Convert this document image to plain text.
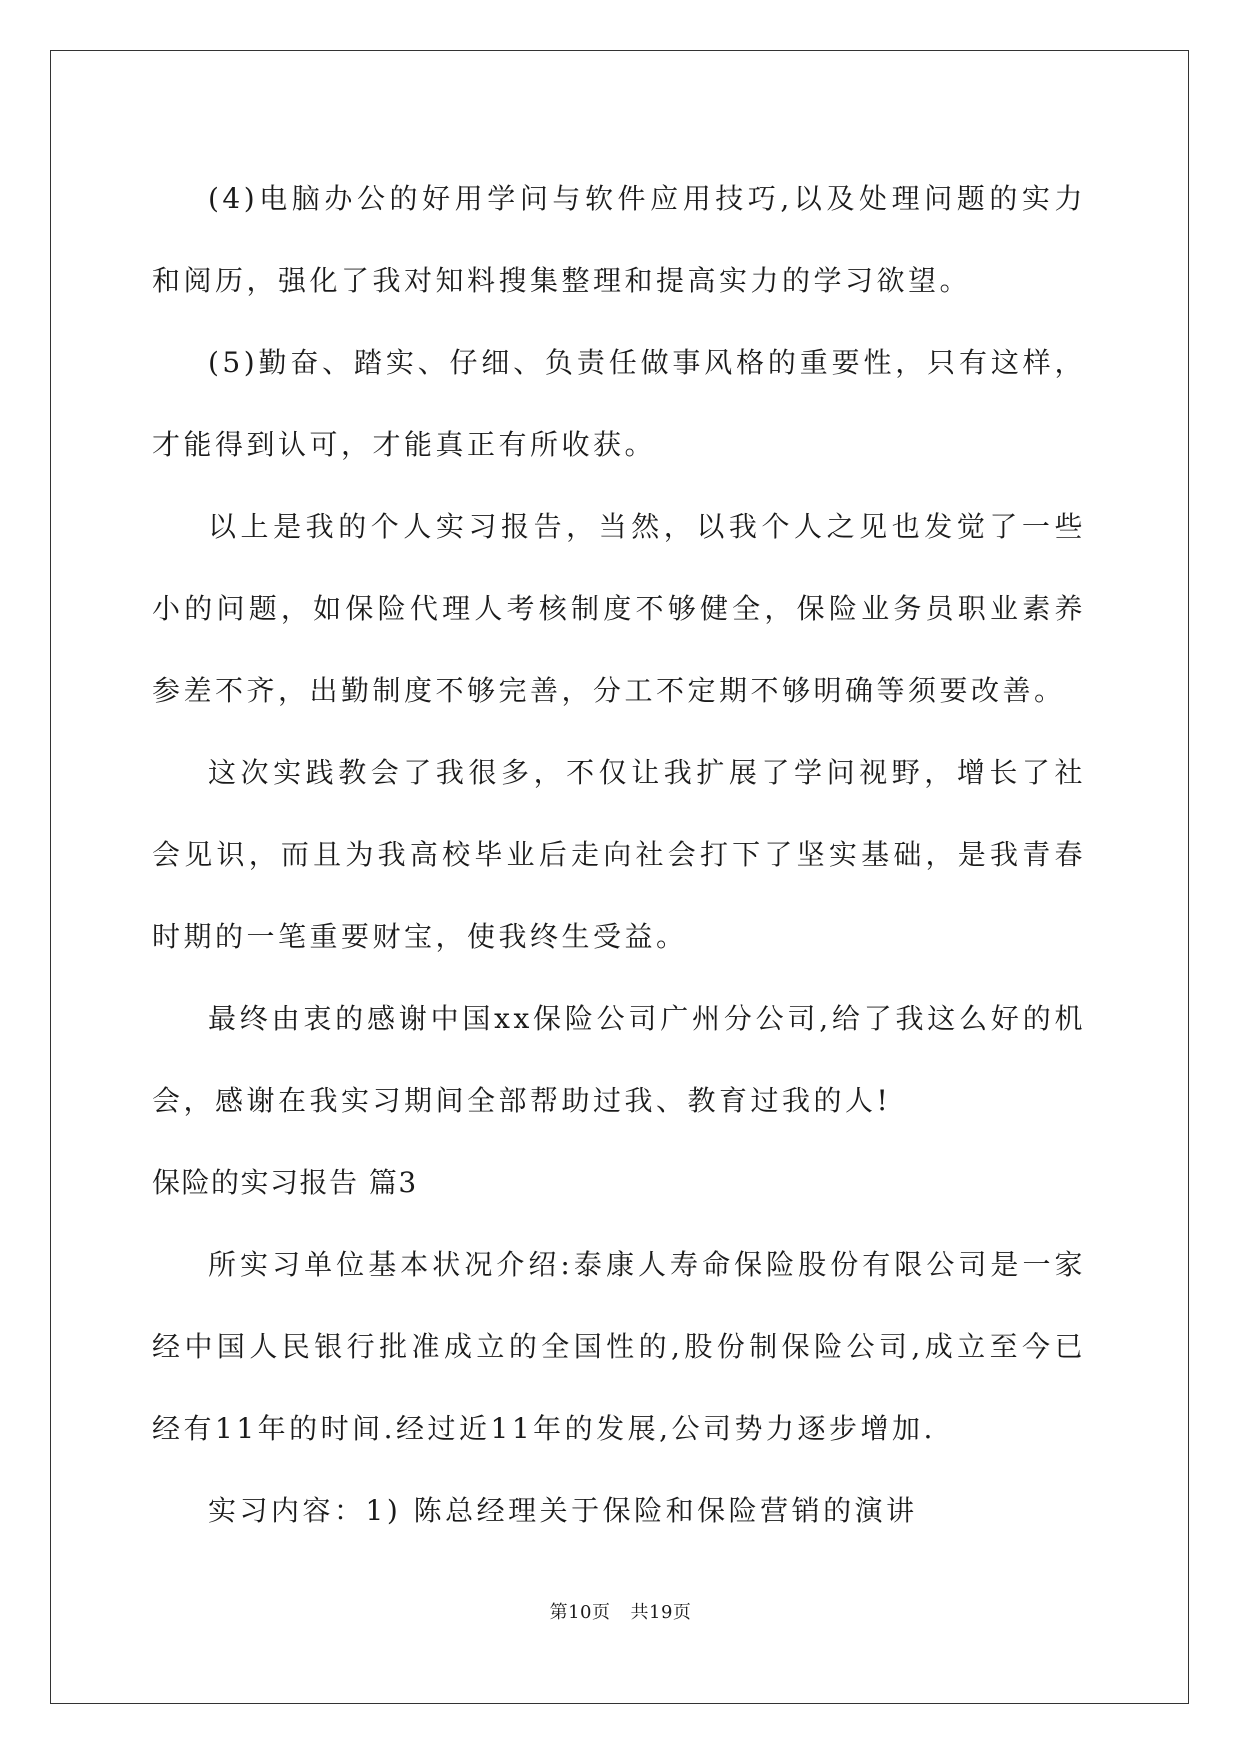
(4)电脑办公的好用学问与软件应用技巧,以及处理问题的实力和阅历，强化了我对知料搜集整理和提高实力的学习欲望。

(5)勤奋、踏实、仔细、负责任做事风格的重要性，只有这样，才能得到认可，才能真正有所收获。

以上是我的个人实习报告，当然，以我个人之见也发觉了一些小的问题，如保险代理人考核制度不够健全，保险业务员职业素养参差不齐，出勤制度不够完善，分工不定期不够明确等须要改善。

这次实践教会了我很多，不仅让我扩展了学问视野，增长了社会见识，而且为我高校毕业后走向社会打下了坚实基础，是我青春时期的一笔重要财宝，使我终生受益。

最终由衷的感谢中国xx保险公司广州分公司,给了我这么好的机会，感谢在我实习期间全部帮助过我、教育过我的人!

保险的实习报告 篇3

所实习单位基本状况介绍:泰康人寿命保险股份有限公司是一家经中国人民银行批准成立的全国性的,股份制保险公司,成立至今已经有11年的时间.经过近11年的发展,公司势力逐步增加.

实习内容：1) 陈总经理关于保险和保险营销的演讲

第10页 共19页
